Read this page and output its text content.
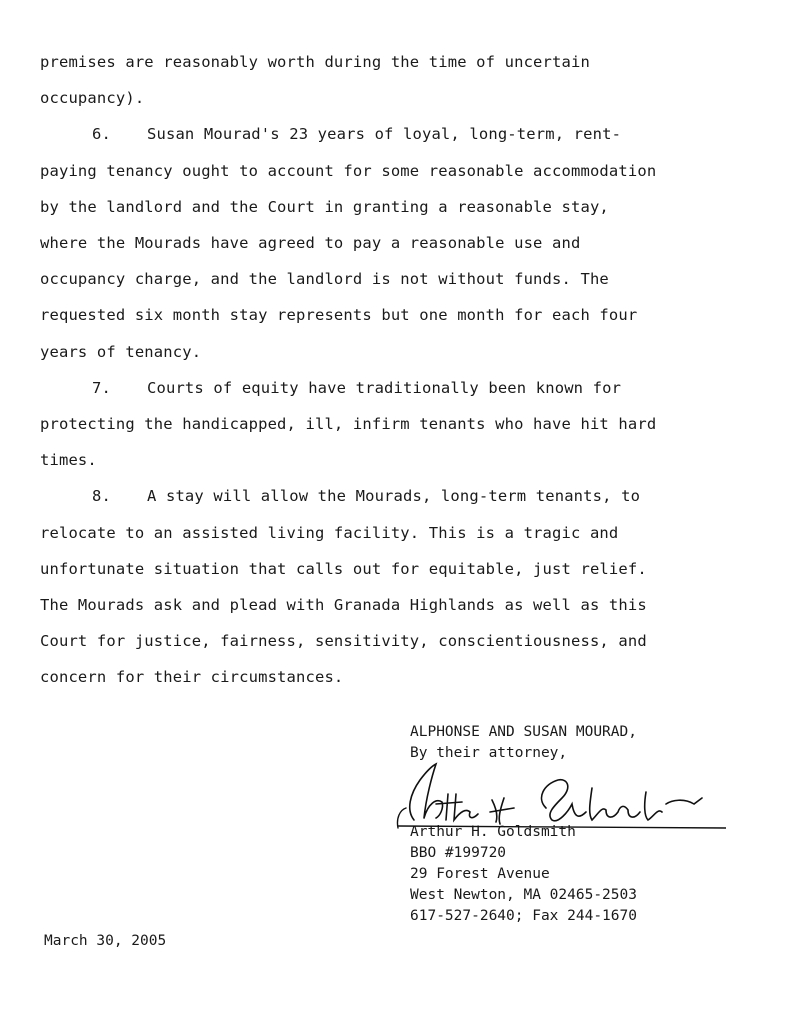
premises are reasonably worth during the time of uncertain
occupancy).

6. Susan Mourad's 23 years of loyal, long-term, rent-
paying tenancy ought to account for some reasonable accommodation
by the landlord and the Court in granting a reasonable stay,
where the Mourads have agreed to pay a reasonable use and
occupancy charge, and the landlord is not without funds. The
requested six month stay represents but one month for each four
years of tenancy.

7. Courts of equity have traditionally been known for
protecting the handicapped, ill, infirm tenants who have hit hard
times.

8. A stay will allow the Mourads, long-term tenants, to
relocate to an assisted living facility. This is a tragic and
unfortunate situation that calls out for equitable, just relief.
The Mourads ask and plead with Granada Highlands as well as this
Court for justice, fairness, sensitivity, conscientiousness, and
concern for their circumstances.

ALPHONSE AND SUSAN MOURAD,
By their attorney,
Arthur H. Goldsmith
BBO #199720
29 Forest Avenue
West Newton, MA 02465-2503
617-527-2640; Fax 244-1670
March 30, 2005
